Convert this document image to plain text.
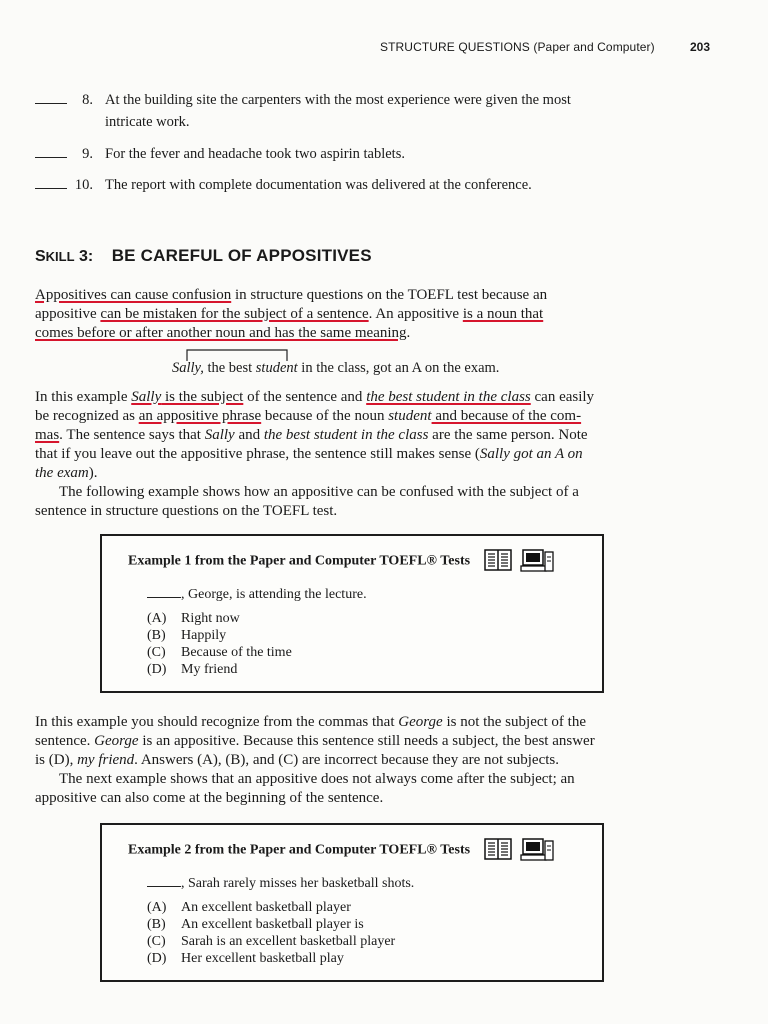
STRUCTURE QUESTIONS (Paper and Computer)	203
8. At the building site the carpenters with the most experience were given the most
intricate work.
9. For the fever and headache took two aspirin tablets.
10. The report with complete documentation was delivered at the conference.
SKILL 3: BE CAREFUL OF APPOSITIVES
Appositives can cause confusion in structure questions on the TOEFL test because an
appositive can be mistaken for the subject of a sentence. An appositive is a noun that
comes before or after another noun and has the same meaning.
Sally, the best student in the class, got an A on the exam.
In this example Sally is the subject of the sentence and the best student in the class can easily
be recognized as an appositive phrase because of the noun student and because of the com-
mas. The sentence says that Sally and the best student in the class are the same person. Note
that if you leave out the appositive phrase, the sentence still makes sense (Sally got an A on
the exam).
The following example shows how an appositive can be confused with the subject of a
sentence in structure questions on the TOEFL test.
Example 1 from the Paper and Computer TOEFL® Tests
, George, is attending the lecture.
(A) Right now
(B) Happily
(C) Because of the time
(D) My friend
In this example you should recognize from the commas that George is not the subject of the
sentence. George is an appositive. Because this sentence still needs a subject, the best answer
is (D), my friend. Answers (A), (B), and (C) are incorrect because they are not subjects.
The next example shows that an appositive does not always come after the subject; an
appositive can also come at the beginning of the sentence.
Example 2 from the Paper and Computer TOEFL® Tests
, Sarah rarely misses her basketball shots.
(A) An excellent basketball player
(B) An excellent basketball player is
(C) Sarah is an excellent basketball player
(D) Her excellent basketball play
